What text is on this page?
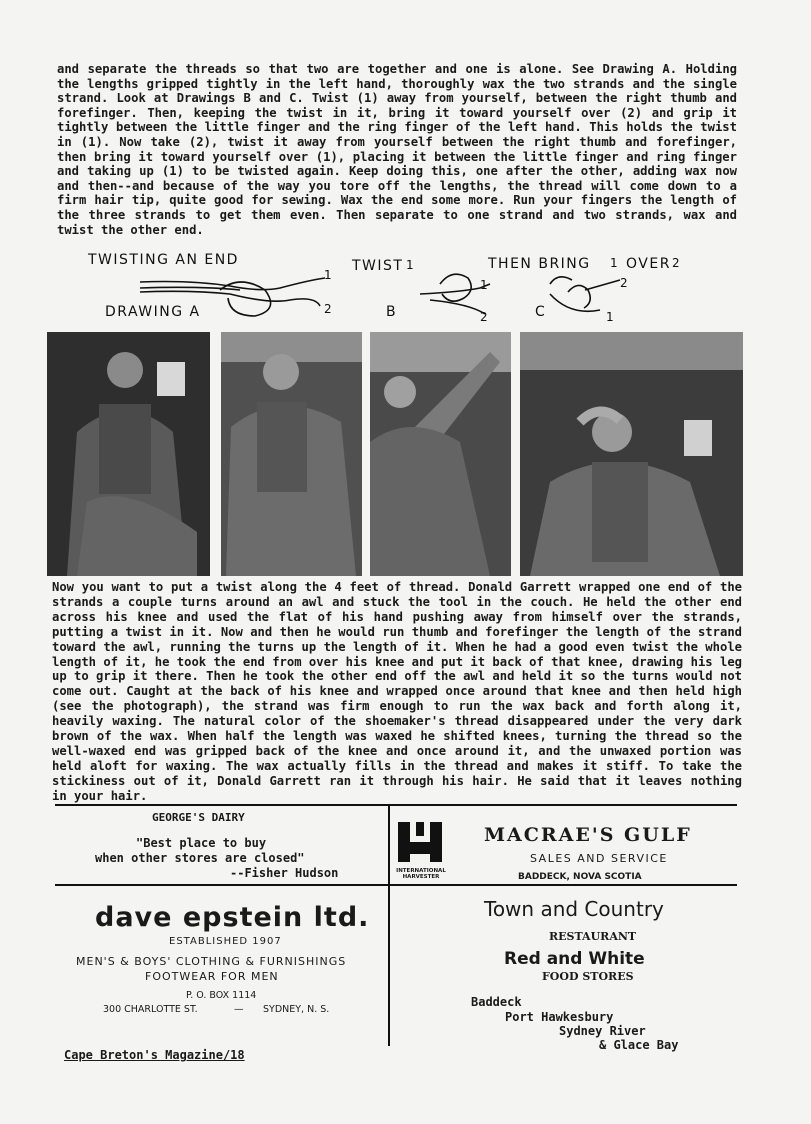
and separate the threads so that two are together and one is alone. See Drawing A. Holding the lengths gripped tightly in the left hand, thoroughly wax the two strands and the single strand. Look at Drawings B and C. Twist (1) away from yourself, between the right thumb and forefinger. Then, keeping the twist in it, bring it toward yourself over (2) and grip it tightly between the little finger and the ring finger of the left hand. This holds the twist in (1). Now take (2), twist it away from yourself between the right thumb and forefinger, then bring it toward yourself over (1), placing it between the little finger and ring finger and taking up (1) to be twisted again. Keep doing this, one after the other, adding wax now and then--and because of the way you tore off the lengths, the thread will come down to a firm hair tip, quite good for sewing. Wax the end some more. Run your fingers the length of the three strands to get them even. Then separate to one strand and two strands, wax and twist the other end.

TWISTING AN END
DRAWING A
1
2
TWIST 1
B
1
2
THEN BRING 1 OVER 2
C
2
1

Now you want to put a twist along the 4 feet of thread. Donald Garrett wrapped one end of the strands a couple turns around an awl and stuck the tool in the couch. He held the other end across his knee and used the flat of his hand pushing away from himself over the strands, putting a twist in it. Now and then he would run thumb and forefinger the length of the strand toward the awl, running the turns up the length of it. When he had a good even twist the whole length of it, he took the end from over his knee and put it back of that knee, drawing his leg up to grip it there. Then he took the other end off the awl and held it so the turns would not come out. Caught at the back of his knee and wrapped once around that knee and then held high (see the photograph), the strand was firm enough to run the wax back and forth along it, heavily waxing. The natural color of the shoemaker's thread disappeared under the very dark brown of the wax. When half the length was waxed he shifted knees, turning the thread so the well-waxed end was gripped back of the knee and once around it, and the unwaxed portion was held aloft for waxing. The wax actually fills in the thread and makes it stiff. To take the stickiness out of it, Donald Garrett ran it through his hair. He said that it leaves nothing in your hair.

GEORGE'S DAIRY
"Best place to buy
when other stores are closed"
--Fisher Hudson	INTERNATIONAL
HARVESTER
MACRAE'S GULF
SALES AND SERVICE
BADDECK, NOVA SCOTIA
dave epstein ltd.
ESTABLISHED 1907
MEN'S & BOYS' CLOTHING & FURNISHINGS
FOOTWEAR FOR MEN
P. O. BOX 1114
300 CHARLOTTE ST.	— SYDNEY, N. S.
Town and Country
RESTAURANT
Red and White
FOOD STORES
Baddeck
Port Hawkesbury
Sydney River
& Glace Bay
Cape Breton's Magazine/18
